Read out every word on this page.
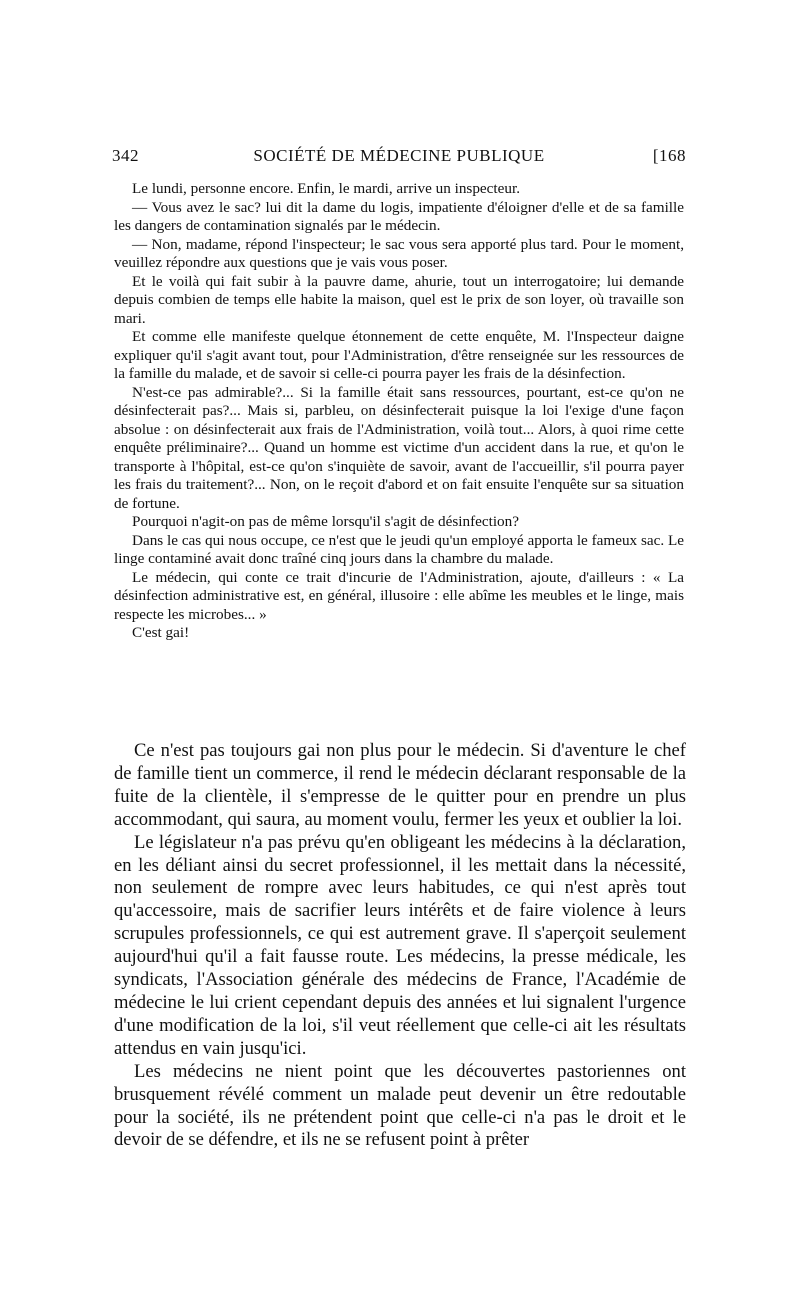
342	SOCIÉTÉ DE MÉDECINE PUBLIQUE	[168

Le lundi, personne encore. Enfin, le mardi, arrive un inspecteur.

— Vous avez le sac? lui dit la dame du logis, impatiente d'éloigner d'elle et de sa famille les dangers de contamination signalés par le médecin.

— Non, madame, répond l'inspecteur; le sac vous sera apporté plus tard. Pour le moment, veuillez répondre aux questions que je vais vous poser.

Et le voilà qui fait subir à la pauvre dame, ahurie, tout un interrogatoire; lui demande depuis combien de temps elle habite la maison, quel est le prix de son loyer, où travaille son mari.

Et comme elle manifeste quelque étonnement de cette enquête, M. l'Inspecteur daigne expliquer qu'il s'agit avant tout, pour l'Administration, d'être renseignée sur les ressources de la famille du malade, et de savoir si celle-ci pourra payer les frais de la désinfection.

N'est-ce pas admirable?... Si la famille était sans ressources, pourtant, est-ce qu'on ne désinfecterait pas?... Mais si, parbleu, on désinfecterait puisque la loi l'exige d'une façon absolue : on désinfecterait aux frais de l'Administration, voilà tout... Alors, à quoi rime cette enquête préliminaire?... Quand un homme est victime d'un accident dans la rue, et qu'on le transporte à l'hôpital, est-ce qu'on s'inquiète de savoir, avant de l'accueillir, s'il pourra payer les frais du traitement?... Non, on le reçoit d'abord et on fait ensuite l'enquête sur sa situation de fortune.

Pourquoi n'agit-on pas de même lorsqu'il s'agit de désinfection?

Dans le cas qui nous occupe, ce n'est que le jeudi qu'un employé apporta le fameux sac. Le linge contaminé avait donc traîné cinq jours dans la chambre du malade.

Le médecin, qui conte ce trait d'incurie de l'Administration, ajoute, d'ailleurs : « La désinfection administrative est, en général, illusoire : elle abîme les meubles et le linge, mais respecte les microbes... »

C'est gai!

Ce n'est pas toujours gai non plus pour le médecin. Si d'aventure le chef de famille tient un commerce, il rend le médecin déclarant responsable de la fuite de la clientèle, il s'empresse de le quitter pour en prendre un plus accommodant, qui saura, au moment voulu, fermer les yeux et oublier la loi.

Le législateur n'a pas prévu qu'en obligeant les médecins à la déclaration, en les déliant ainsi du secret professionnel, il les mettait dans la nécessité, non seulement de rompre avec leurs habitudes, ce qui n'est après tout qu'accessoire, mais de sacrifier leurs intérêts et de faire violence à leurs scrupules professionnels, ce qui est autrement grave. Il s'aperçoit seulement aujourd'hui qu'il a fait fausse route. Les médecins, la presse médicale, les syndicats, l'Association générale des médecins de France, l'Académie de médecine le lui crient cependant depuis des années et lui signalent l'urgence d'une modification de la loi, s'il veut réellement que celle-ci ait les résultats attendus en vain jusqu'ici.

Les médecins ne nient point que les découvertes pastoriennes ont brusquement révélé comment un malade peut devenir un être redoutable pour la société, ils ne prétendent point que celle-ci n'a pas le droit et le devoir de se défendre, et ils ne se refusent point à prêter
